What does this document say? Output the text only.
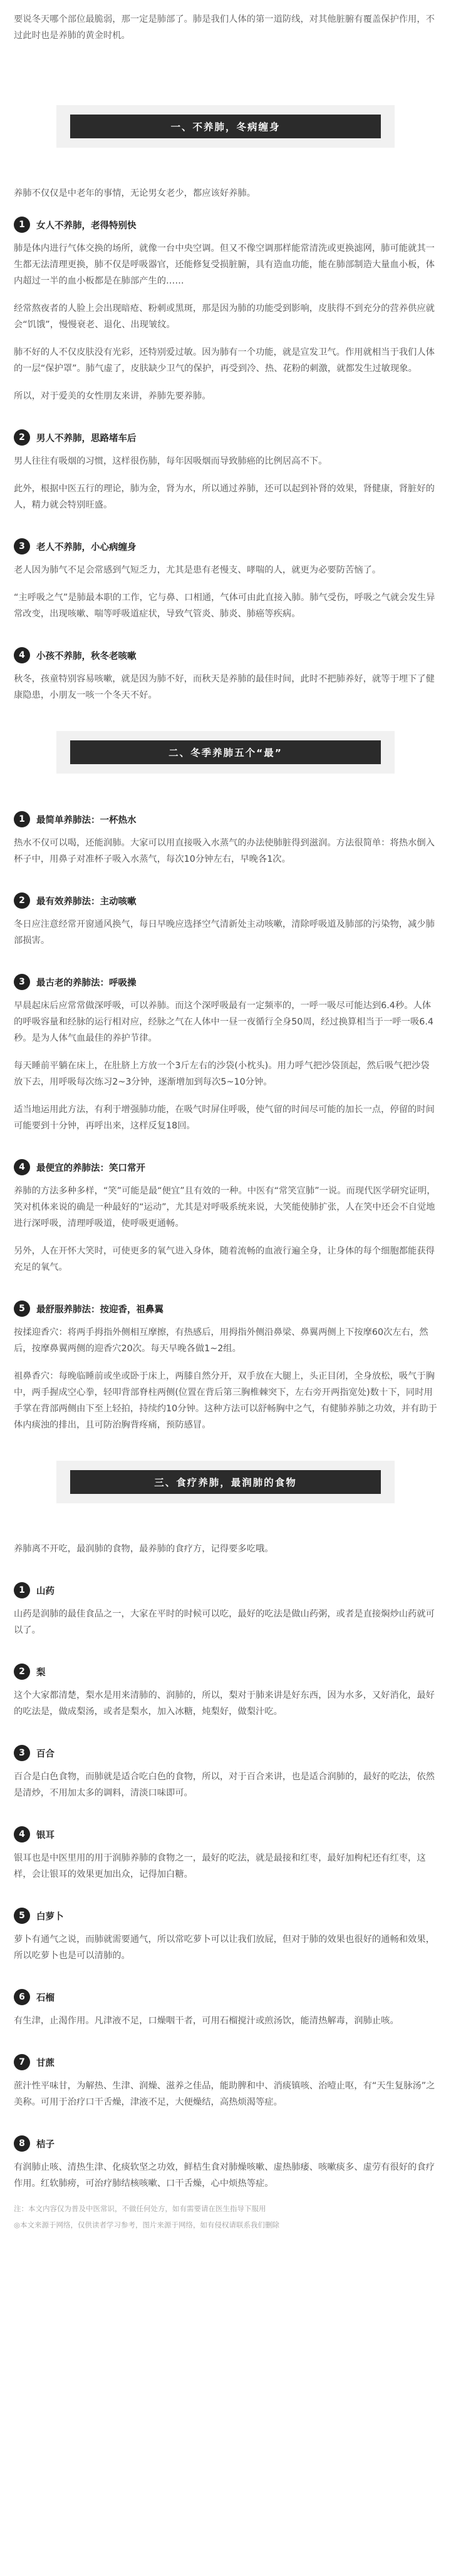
要说冬天哪个部位最脆弱，那一定是肺部了。肺是我们人体的第一道防线，对其他脏腑有覆盖保护作用，不过此时也是养肺的黄金时机。

一、不养肺，冬病缠身

养肺不仅仅是中老年的事情，无论男女老少，都应该好养肺。

1	女人不养肺，老得特别快

肺是体内进行气体交换的场所，就像一台中央空调。但又不像空调那样能常清洗或更换滤网，肺可能就其一生都无法清理更换，肺不仅是呼吸器官，还能修复受损脏腑，具有造血功能，能在肺部制造大量血小板，体内超过一半的血小板都是在肺部产生的……

经常熬夜者的人脸上会出现暗疮、粉刺或黑斑，那是因为肺的功能受到影响，皮肤得不到充分的营养供应就会“饥饿”，慢慢衰老、退化、出现皱纹。

肺不好的人不仅皮肤没有光彩，还特别爱过敏。因为肺有一个功能，就是宣发卫气。作用就相当于我们人体的一层“保护罩”。肺气虚了，皮肤缺少卫气的保护，再受到冷、热、花粉的刺激，就都发生过敏现象。

所以，对于爱美的女性朋友来讲，养肺先要养肺。

2	男人不养肺，思路堵车后

男人往往有吸烟的习惯，这样很伤肺，每年因吸烟而导致肺癌的比例居高不下。

此外，根据中医五行的理论，肺为金，肾为水，所以通过养肺，还可以起到补肾的效果，肾健康，肾脏好的人，精力就会特别旺盛。

3	老人不养肺，小心病缠身

老人因为肺气不足会常感到气短乏力，尤其是患有老慢支、哮喘的人，就更为必要防苦恼了。

“主呼吸之气”是肺最本职的工作，它与鼻、口相通，气体可由此直接入肺。肺气受伤，呼吸之气就会发生异常改变，出现咳嗽、喘等呼吸道症状，导致气管炎、肺炎、肺癌等疾病。

4	小孩不养肺，秋冬老咳嗽

秋冬，孩童特别容易咳嗽，就是因为肺不好，而秋天是养肺的最佳时间，此时不把肺养好，就等于埋下了健康隐患，小朋友一咳一个冬天不好。

二、冬季养肺五个“最”
1	最简单养肺法：一杯热水

热水不仅可以喝，还能润肺。大家可以用直接吸入水蒸气的办法使肺脏得到滋润。方法很简单：将热水倒入杯子中，用鼻子对准杯子吸入水蒸气，每次10分钟左右，早晚各1次。

2	最有效养肺法：主动咳嗽

冬日应注意经常开窗通风换气，每日早晚应选择空气清新处主动咳嗽，清除呼吸道及肺部的污染物，减少肺部损害。

3	最古老的养肺法：呼吸操

早晨起床后应常常做深呼吸，可以养肺。而这个深呼吸最有一定频率的，一呼一吸尽可能达到6.4秒。人体的呼吸容量和经脉的运行相对应，经脉之气在人体中一昼一夜循行全身50周，经过换算相当于一呼一吸6.4秒。是为人体气血最佳的养护节律。

每天睡前平躺在床上，在肚脐上方放一个3斤左右的沙袋(小枕头)。用力呼气把沙袋顶起，然后吸气把沙袋放下去，用呼吸每次练习2~3分钟，逐渐增加到每次5~10分钟。

适当地运用此方法，有利于增强肺功能，在吸气时屏住呼吸，使气留的时间尽可能的加长一点，停留的时间可能要到十分钟，再呼出来，这样反复18回。

4	最便宜的养肺法：笑口常开

养肺的方法多种多样，“笑”可能是最“便宜”且有效的一种。中医有“常笑宣肺”一说。而现代医学研究证明，笑对机体来说的确是一种最好的“运动”，尤其是对呼吸系统来说，大笑能使肺扩张，人在笑中还会不自觉地进行深呼吸，清理呼吸道，使呼吸更通畅。

另外，人在开怀大笑时，可使更多的氧气进入身体，随着流畅的血液行遍全身，让身体的每个细胞都能获得充足的氧气。

5	最舒服养肺法：按迎香，祖鼻翼

按揉迎香穴：将两手拇指外侧相互摩擦，有热感后，用拇指外侧沿鼻梁、鼻翼两侧上下按摩60次左右，然后，按摩鼻翼两侧的迎香穴20次。每天早晚各做1~2组。

祖鼻香穴：每晚临睡前或坐或卧于床上，两膝自然分开，双手放在大腿上，头正目闭，全身放松，吸气于胸中，两手握成空心拳，轻叩背部脊柱两侧(位置在背后第三胸椎棘突下，左右旁开两指宽处)数十下，同时用手掌在背部两侧由下至上轻拍，持续约10分钟。这种方法可以舒畅胸中之气，有健肺养肺之功效，并有助于体内痰浊的排出，且可防治胸背疼痛，预防感冒。

三、食疗养肺，最润肺的食物

养肺离不开吃，最润肺的食物，最养肺的食疗方，记得要多吃哦。

1	山药

山药是润肺的最佳食品之一，大家在平时的时候可以吃，最好的吃法是做山药粥，或者是直接焖炒山药就可以了。

2	梨

这个大家都清楚，梨水是用来清肺的、润肺的，所以，梨对于肺来讲是好东西，因为水多，又好消化，最好的吃法是，做成梨汤，或者是梨水，加入冰糖，炖梨好，做梨汁吃。

3	百合

百合是白色食物，而肺就是适合吃白色的食物，所以，对于百合来讲，也是适合润肺的，最好的吃法，依然是清炒，不用加太多的调料，清淡口味即可。

4	银耳

银耳也是中医里用的用于润肺养肺的食物之一，最好的吃法，就是最接和红枣，最好加枸杞还有红枣，这样，会让银耳的效果更加出众，记得加白糖。

5	白萝卜

萝卜有通气之说，而肺就需要通气，所以常吃萝卜可以让我们放屁，但对于肺的效果也很好的通畅和效果，所以吃萝卜也是可以清肺的。

6	石榴

有生津，止渴作用。凡津液不足，口燥咽干者，可用石榴搅汁或煎汤饮，能清热解毒，润肺止咳。

7	甘蔗

蔗汁性平味甘，为解热、生津、润燥、滋养之佳品，能助脾和中、消痰镇咳、治噎止呕，有“天生复脉汤”之美称。可用于治疗口干舌燥，津液不足，大便燥结，高热烦渴等症。

8	桔子

有润肺止咳、清热生津、化痰软坚之功效，鲜桔生食对肺燥咳嗽、虚热肺痿、咳嗽痰多、虚劳有很好的食疗作用。红软肺痨，可治疗肺结核咳嗽、口干舌燥，心中烦热等症。

注：本文内容仅为普及中医常识，不做任何处方，如有需要请在医生指导下服用

◎本文来源于网络，仅供读者学习参考，图片来源于网络，如有侵权请联系我们删除
